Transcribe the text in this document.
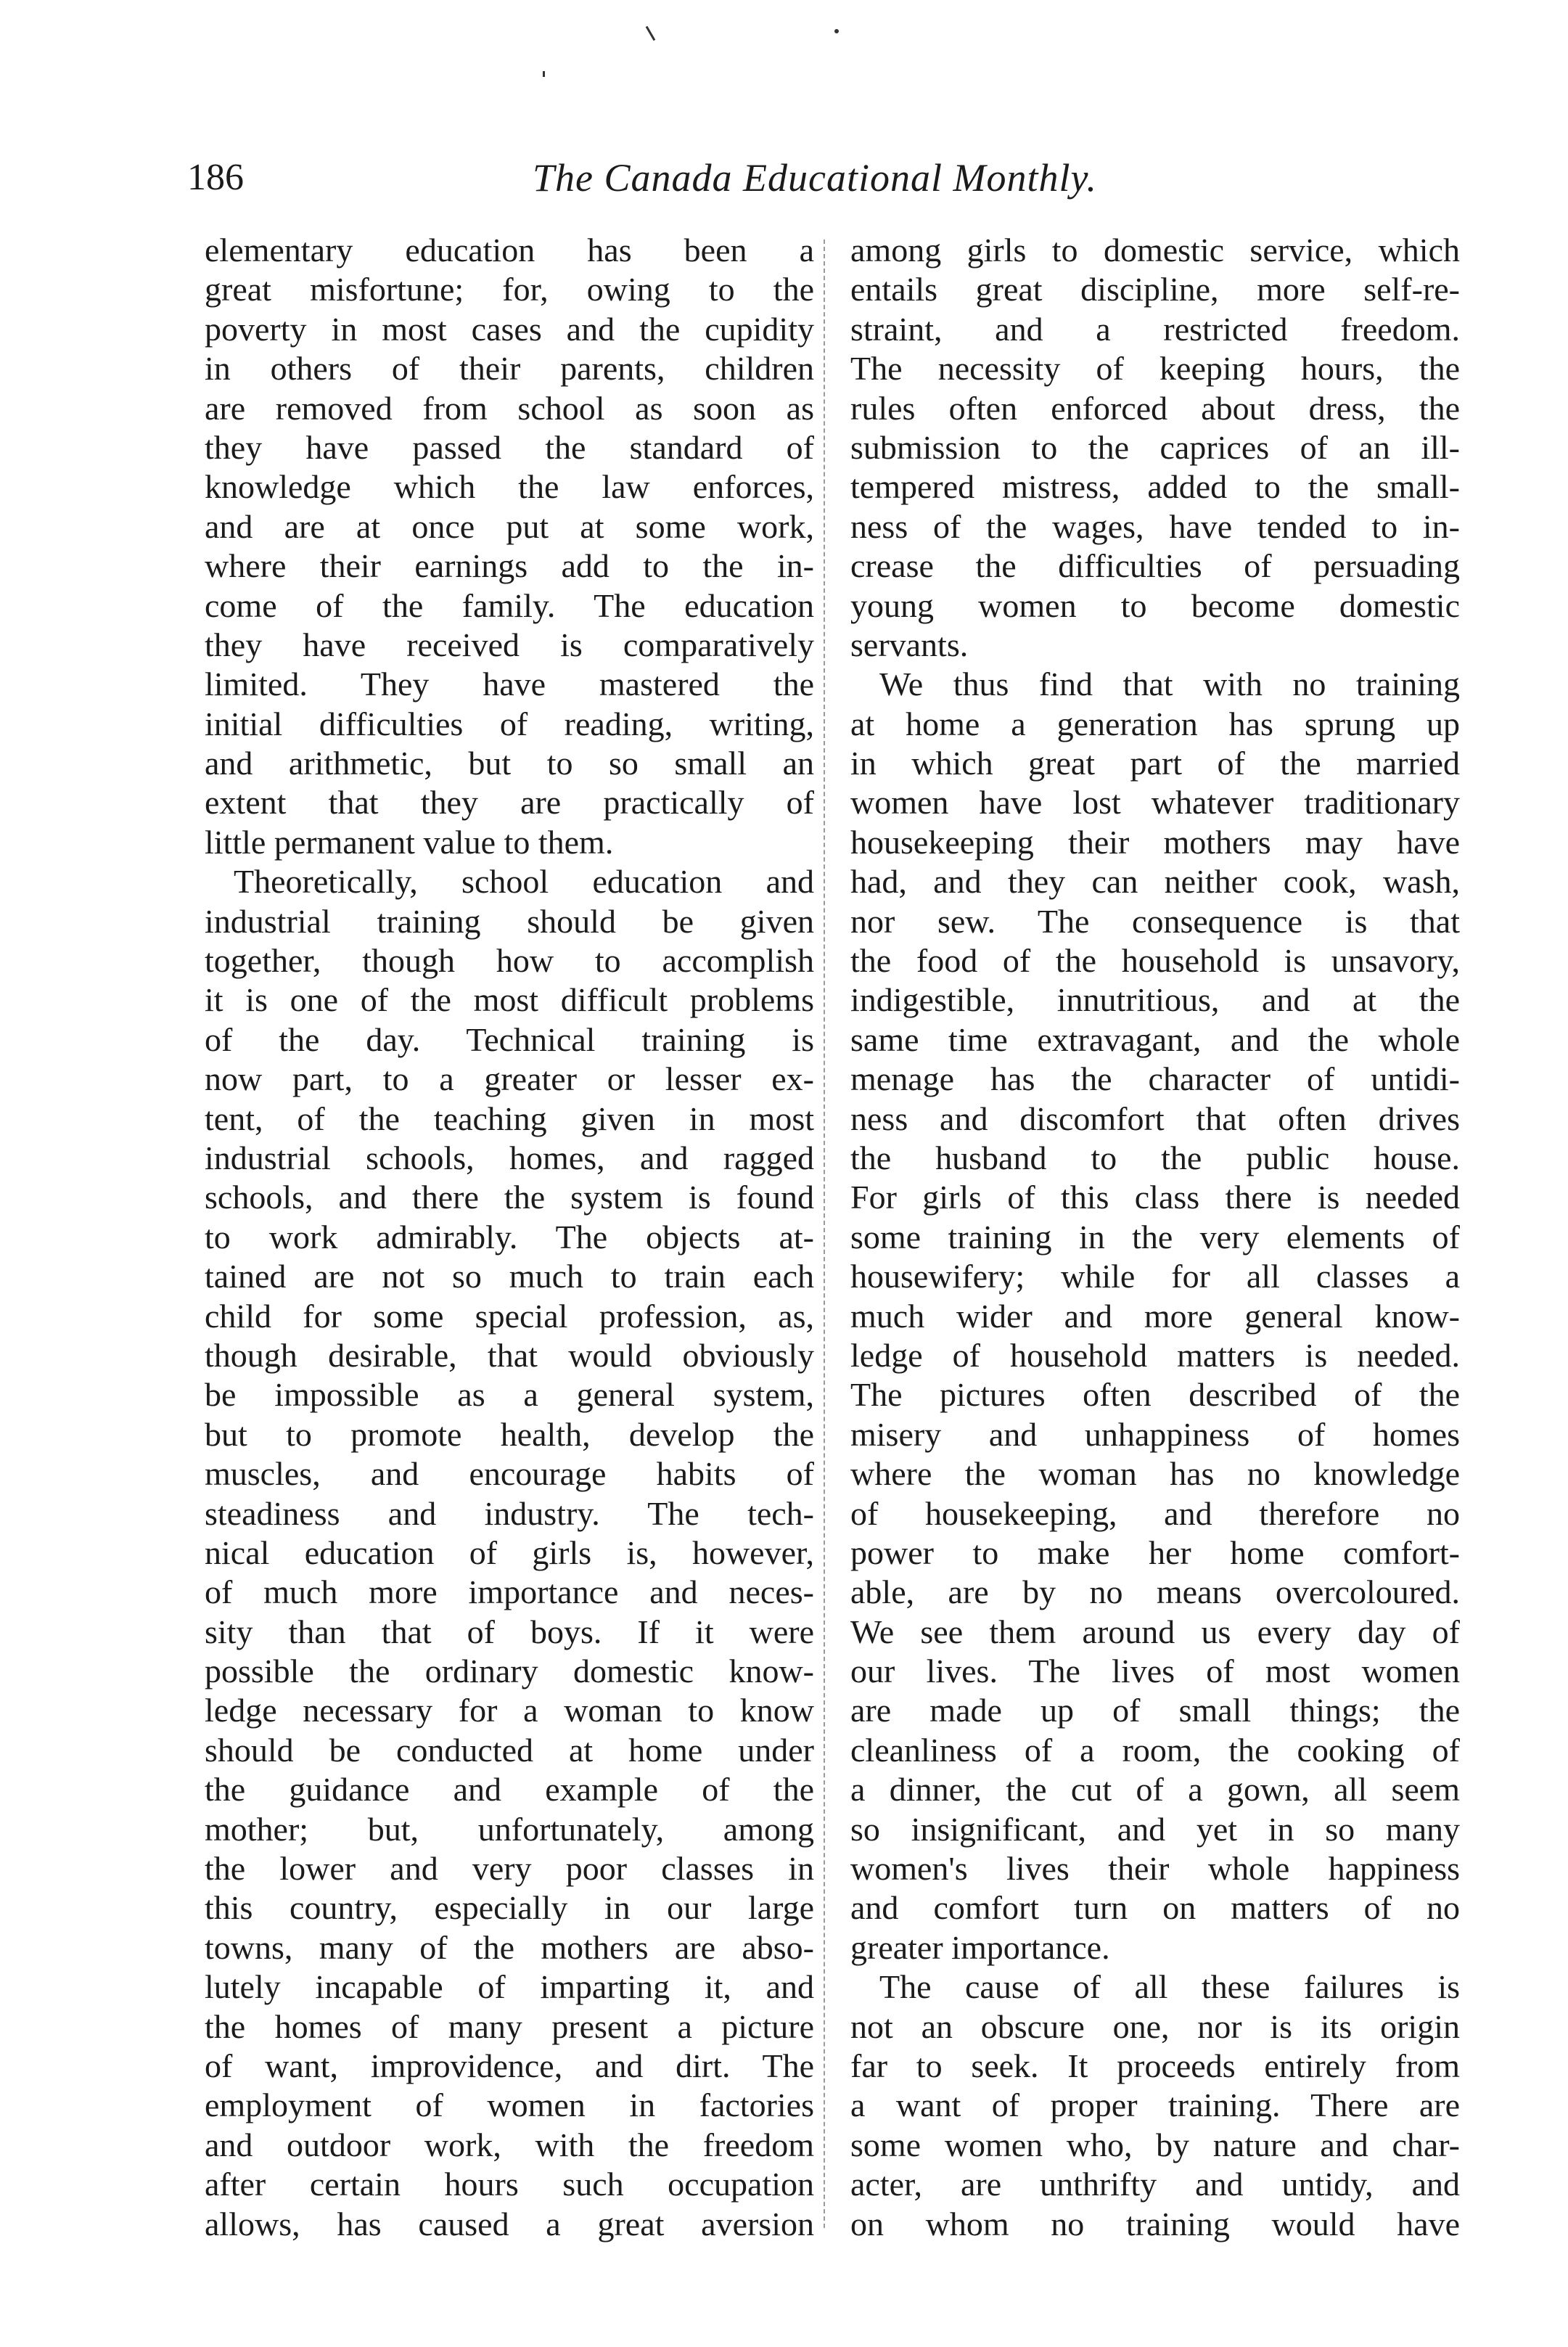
186	The Canada Educational Monthly.
elementary education has been a
great misfortune; for, owing to the
poverty in most cases and the cupidity
in others of their parents, children
are removed from school as soon as
they have passed the standard of
knowledge which the law enforces,
and are at once put at some work,
where their earnings add to the in-
come of the family. The education
they have received is comparatively
limited. They have mastered the
initial difficulties of reading, writing,
and arithmetic, but to so small an
extent that they are practically of
little permanent value to them.
Theoretically, school education and
industrial training should be given
together, though how to accomplish
it is one of the most difficult problems
of the day. Technical training is
now part, to a greater or lesser ex-
tent, of the teaching given in most
industrial schools, homes, and ragged
schools, and there the system is found
to work admirably. The objects at-
tained are not so much to train each
child for some special profession, as,
though desirable, that would obviously
be impossible as a general system,
but to promote health, develop the
muscles, and encourage habits of
steadiness and industry. The tech-
nical education of girls is, however,
of much more importance and neces-
sity than that of boys. If it were
possible the ordinary domestic know-
ledge necessary for a woman to know
should be conducted at home under
the guidance and example of the
mother; but, unfortunately, among
the lower and very poor classes in
this country, especially in our large
towns, many of the mothers are abso-
lutely incapable of imparting it, and
the homes of many present a picture
of want, improvidence, and dirt. The
employment of women in factories
and outdoor work, with the freedom
after certain hours such occupation
allows, has caused a great aversion
among girls to domestic service, which
entails great discipline, more self-re-
straint, and a restricted freedom.
The necessity of keeping hours, the
rules often enforced about dress, the
submission to the caprices of an ill-
tempered mistress, added to the small-
ness of the wages, have tended to in-
crease the difficulties of persuading
young women to become domestic
servants.
We thus find that with no training
at home a generation has sprung up
in which great part of the married
women have lost whatever traditionary
housekeeping their mothers may have
had, and they can neither cook, wash,
nor sew. The consequence is that
the food of the household is unsavory,
indigestible, innutritious, and at the
same time extravagant, and the whole
menage has the character of untidi-
ness and discomfort that often drives
the husband to the public house.
For girls of this class there is needed
some training in the very elements of
housewifery; while for all classes a
much wider and more general know-
ledge of household matters is needed.
The pictures often described of the
misery and unhappiness of homes
where the woman has no knowledge
of housekeeping, and therefore no
power to make her home comfort-
able, are by no means overcoloured.
We see them around us every day of
our lives. The lives of most women
are made up of small things; the
cleanliness of a room, the cooking of
a dinner, the cut of a gown, all seem
so insignificant, and yet in so many
women's lives their whole happiness
and comfort turn on matters of no
greater importance.
The cause of all these failures is
not an obscure one, nor is its origin
far to seek. It proceeds entirely from
a want of proper training. There are
some women who, by nature and char-
acter, are unthrifty and untidy, and
on whom no training would have
